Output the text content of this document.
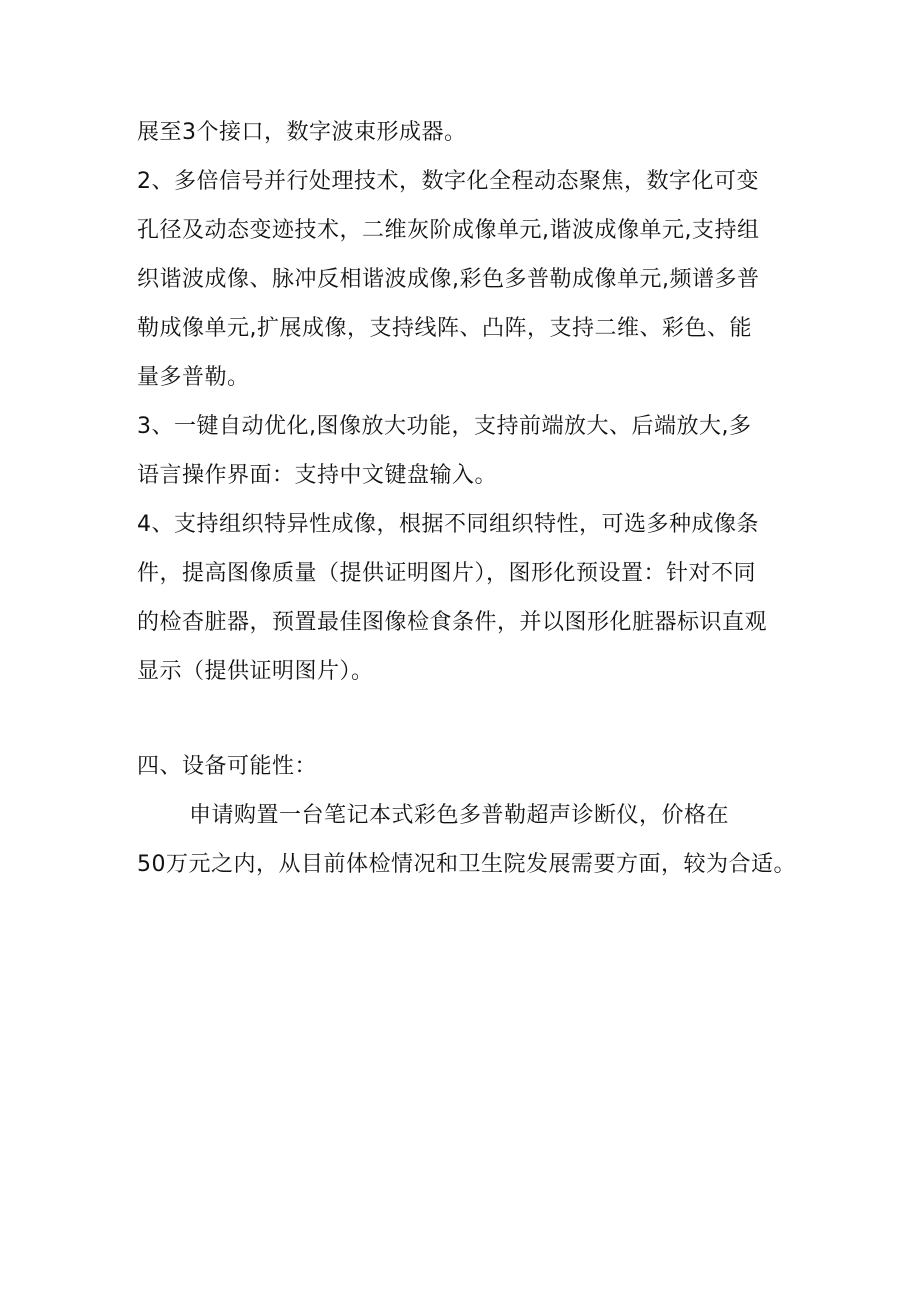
展至3个接口，数字波束形成器。
2、多倍信号并行处理技术，数字化全程动态聚焦，数字化可变
孔径及动态变迹技术，二维灰阶成像单元,谐波成像单元,支持组
织谐波成像、脉冲反相谐波成像,彩色多普勒成像单元,频谱多普
勒成像单元,扩展成像，支持线阵、凸阵，支持二维、彩色、能
量多普勒。
3、一键自动优化,图像放大功能，支持前端放大、后端放大,多
语言操作界面：支持中文键盘输入。
4、支持组织特异性成像，根据不同组织特性，可选多种成像条
件，提高图像质量（提供证明图片），图形化预设置：针对不同
的检杳脏器，预置最佳图像检食条件，并以图形化脏器标识直观
显示（提供证明图片）。
四、设备可能性：
申请购置一台笔记本式彩色多普勒超声诊断仪，价格在
50万元之内，从目前体检情况和卫生院发展需要方面，较为合适。
